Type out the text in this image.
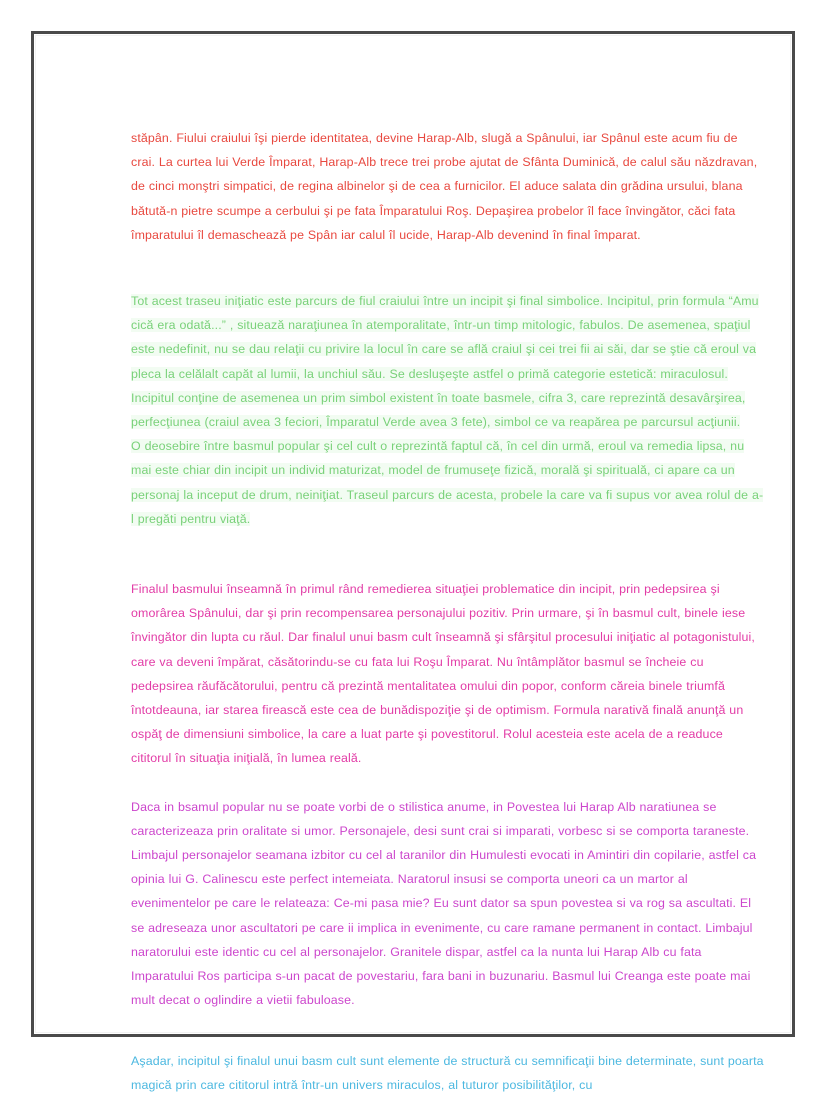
stăpân. Fiului craiului îşi pierde identitatea, devine Harap-Alb, slugă a Spânului, iar Spânul este acum fiu de crai. La curtea lui Verde Împarat, Harap-Alb trece trei probe ajutat de Sfânta Duminică, de calul său năzdravan, de cinci monştri simpatici, de regina albinelor şi de cea a furnicilor. El aduce salata din grădina ursului, blana bătută-n pietre scumpe a cerbului şi pe fata Împaratului Roş. Depaşirea probelor îl face învingător, căci fata împaratului îl demaschează pe Spân iar calul îl ucide, Harap-Alb devenind în final împarat.

Tot acest traseu iniţiatic este parcurs de fiul craiului între un incipit şi final simbolice. Incipitul, prin formula “Amu cică era odată...” , situează naraţiunea în atemporalitate, într-un timp mitologic, fabulos. De asemenea, spaţiul este nedefinit, nu se dau relaţii cu privire la locul în care se află craiul şi cei trei fii ai săi, dar se ştie că eroul va pleca la celălalt capăt al lumii, la unchiul său. Se desluşeşte astfel o primă categorie estetică: miraculosul. Incipitul conţine de asemenea un prim simbol existent în toate basmele, cifra 3, care reprezintă desavârşirea, perfecţiunea (craiul avea 3 feciori, Împaratul Verde avea 3 fete), simbol ce va reapărea pe parcursul acţiunii.

O deosebire între basmul popular şi cel cult o reprezintă faptul că, în cel din urmă, eroul va remedia lipsa, nu mai este chiar din incipit un individ maturizat, model de frumuseţe fizică, morală şi spirituală, ci apare ca un personaj la inceput de drum, neiniţiat. Traseul parcurs de acesta, probele la care va fi supus vor avea rolul de a-l pregăti pentru viaţă.

Finalul basmului înseamnă în primul rând remedierea situaţiei problematice din incipit, prin pedepsirea şi omorârea Spânului, dar şi prin recompensarea personajului pozitiv. Prin urmare, şi în basmul cult, binele iese învingător din lupta cu răul. Dar finalul unui basm cult înseamnă şi sfârşitul procesului iniţiatic al potagonistului, care va deveni împărat, căsătorindu-se cu fata lui Roşu Împarat. Nu întâmplător basmul se încheie cu pedepsirea răufăcătorului, pentru că prezintă mentalitatea omului din popor, conform căreia binele triumfă întotdeauna, iar starea firească este cea de bunădispoziţie şi de optimism. Formula narativă finală anunţă un ospăţ de dimensiuni simbolice, la care a luat parte şi povestitorul. Rolul acesteia este acela de a readuce cititorul în situaţia iniţială, în lumea reală.

Daca in bsamul popular nu se poate vorbi de o stilistica anume, in Povestea lui Harap Alb naratiunea se caracterizeaza prin oralitate si umor. Personajele, desi sunt crai si imparati, vorbesc si se comporta taraneste. Limbajul personajelor seamana izbitor cu cel al taranilor din Humulesti evocati in Amintiri din copilarie, astfel ca opinia lui G. Calinescu este perfect intemeiata. Naratorul insusi se comporta uneori ca un martor al evenimentelor pe care le relateaza: Ce-mi pasa mie? Eu sunt dator sa spun povestea si va rog sa ascultati. El se adreseaza unor ascultatori pe care ii implica in evenimente, cu care ramane permanent in contact. Limbajul naratorului este identic cu cel al personajelor. Granitele dispar, astfel ca la nunta lui Harap Alb cu fata Imparatului Ros participa s-un pacat de povestariu, fara bani in buzunariu. Basmul lui Creanga este poate mai mult decat o oglindire a vietii fabuloase.

Aşadar, incipitul şi finalul unui basm cult sunt elemente de structură cu semnificaţii bine determinate, sunt poarta magică prin care cititorul intră într-un univers miraculos, al tuturor posibilităţilor, cu
